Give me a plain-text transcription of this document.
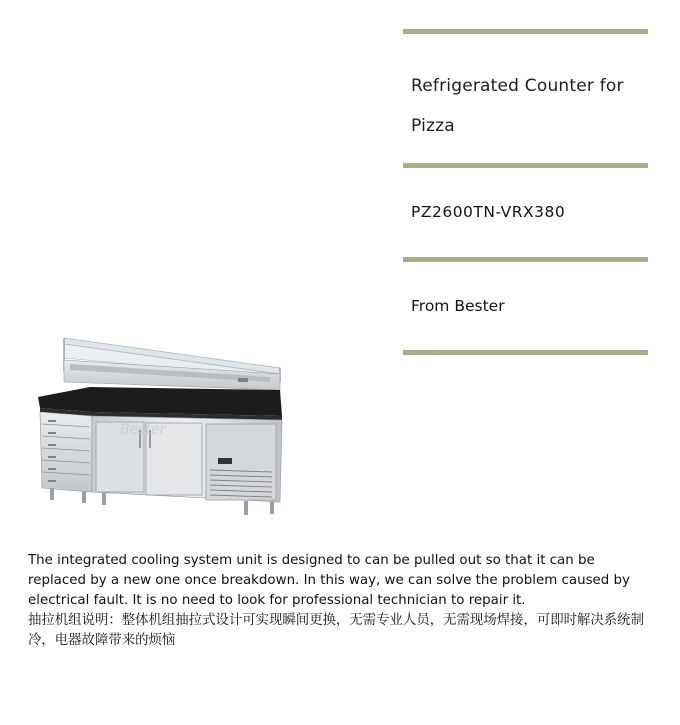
Refrigerated Counter for Pizza
PZ2600TN-VRX380
From Bester
Bester

The integrated cooling system unit is designed to can be pulled out so that it can be replaced by a new one once breakdown. In this way, we can solve the problem caused by electrical fault. It is no need to look for professional technician to repair it.

抽拉机组说明：整体机组抽拉式设计可实现瞬间更换，无需专业人员，无需现场焊接，可即时解决系统制冷，电器故障带来的烦恼
